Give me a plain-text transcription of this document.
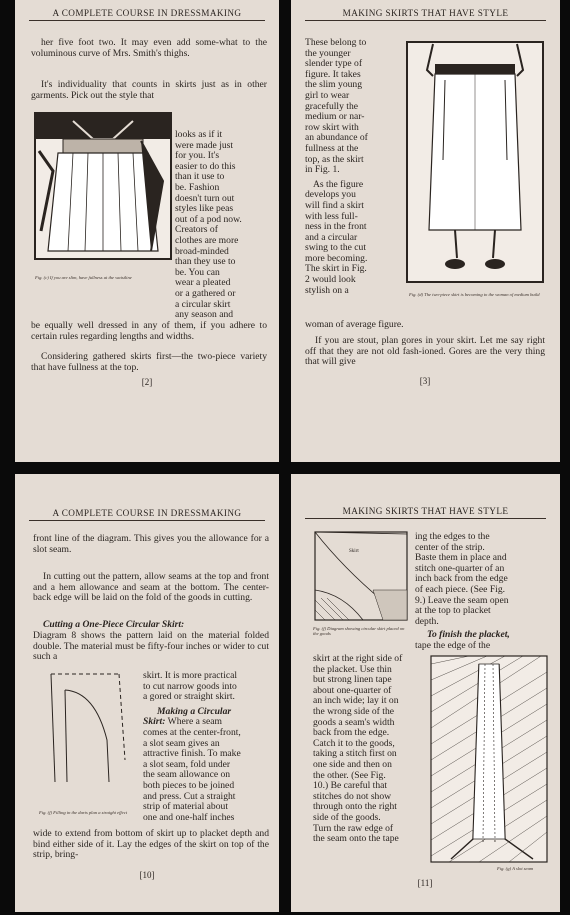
A COMPLETE COURSE IN DRESSMAKING
her five foot two. It may even add some-what to the voluminous curve of Mrs. Smith's thighs.
It's individuality that counts in skirts just as in other garments. Pick out the style that
looks as if it
were made just
for you. It's
easier to do this
than it use to
be. Fashion
doesn't turn out
styles like peas
out of a pod now.
Creators of
clothes are more
broad-minded
than they use to
be. You can
wear a pleated
Fig. (c) If you are slim, have fullness at the waistline
or a gathered or
a circular skirt
any season and
be equally well dressed in any of them, if you adhere to certain rules regarding lengths and widths.
Considering gathered skirts first—the two-piece variety that have fullness at the top.
[2]
MAKING SKIRTS THAT HAVE STYLE
These belong to
the younger
slender type of
figure. It takes
the slim young
girl to wear
gracefully the
medium or nar-
row skirt with
an abundance of
fullness at the
top, as the skirt
in Fig. 1.
As the figure
develops you
will find a skirt
with less full-
ness in the front
and a circular
swing to the cut
more becoming.
The skirt in Fig.
2 would look
stylish on a	Fig. (d) The two-piece skirt is becoming to the woman of medium build
woman of average figure.
If you are stout, plan gores in your skirt. Let me say right off that they are not old fash-ioned. Gores are the very thing that will give
[3]
A COMPLETE COURSE IN DRESSMAKING
front line of the diagram. This gives you the allowance for a slot seam.
In cutting out the pattern, allow seams at the top and front and a hem allowance and seam at the bottom. The center-back edge will be laid on the fold of the goods in cutting.
Cutting a One-Piece Circular Skirt:
Diagram 8 shows the pattern laid on the material folded double. The material must be fifty-four inches or wider to cut such a
skirt. It is more practical
to cut narrow goods into
a gored or straight skirt.
Making a Circular
Skirt: Where a seam
comes at the center-front,
a slot seam gives an
attractive finish. To make
a slot seam, fold under
the seam allowance on
both pieces to be joined
and press. Cut a straight
strip of material about
one and one-half inches
Fig. (f) Filling in the darts plan a straight effect
wide to extend from bottom of skirt up to placket depth and bind either side of it. Lay the edges of the skirt on top of the strip, bring-
[10]
MAKING SKIRTS THAT HAVE STYLE
Skirt
ing the edges to the
center of the strip.
Baste them in place and
stitch one-quarter of an
inch back from the edge
of each piece. (See Fig.
9.) Leave the seam open
at the top to placket
depth.
Fig. (f) Diagram showing circular skirt placed on the goods	To finish the placket,
tape the edge of the
skirt at the right side of
the placket. Use thin
but strong linen tape
about one-quarter of
an inch wide; lay it on
the wrong side of the
goods a seam's width
back from the edge.
Catch it to the goods,
taking a stitch first on
one side and then on
the other. (See Fig.
10.) Be careful that
stitches do not show
through onto the right
side of the goods.
Turn the raw edge of
the seam onto the tape
Fig. (g) A slot seam
[11]
